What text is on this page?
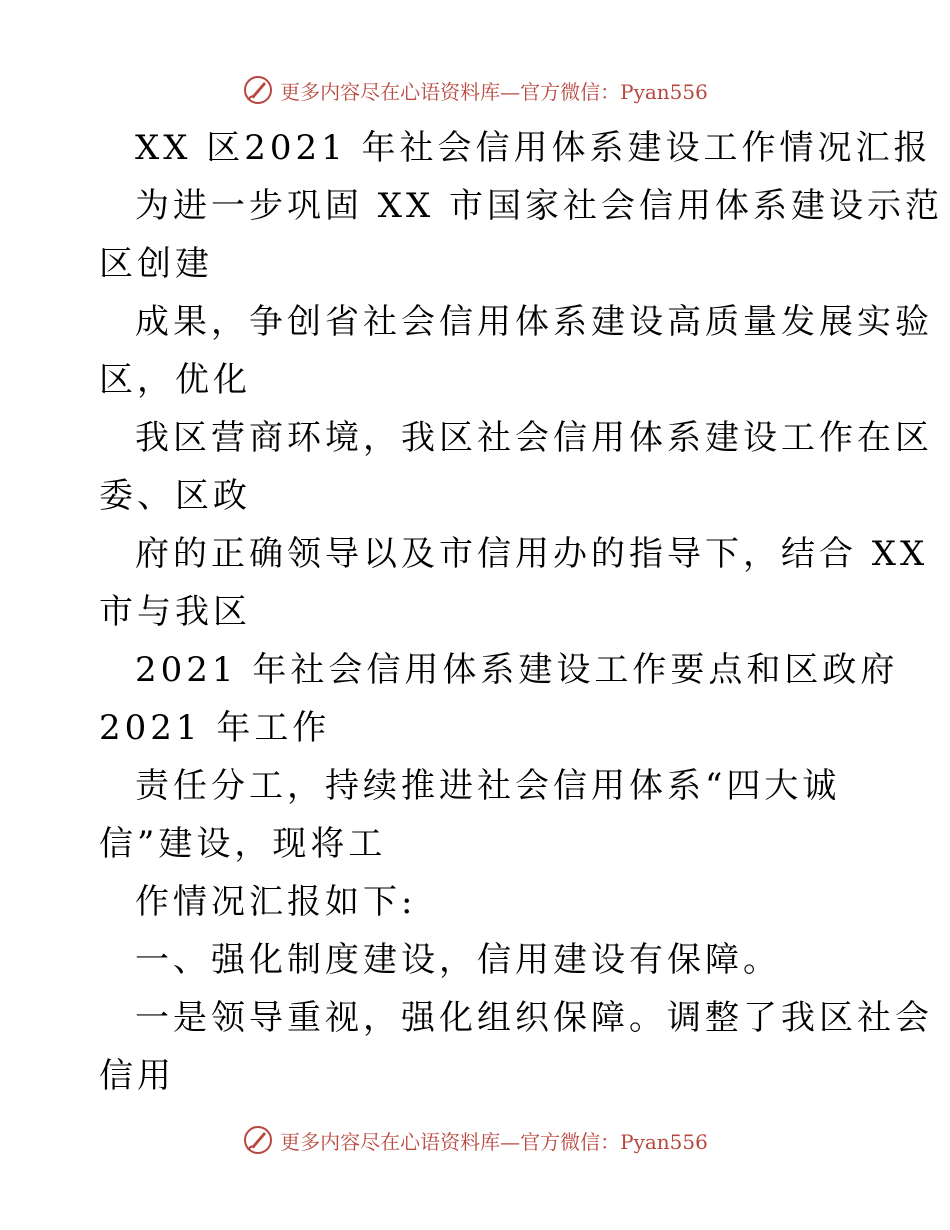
更多内容尽在心语资料库—官方微信：Pyan556
XX 区2021 年社会信用体系建设工作情况汇报
为进一步巩固 XX 市国家社会信用体系建设示范
区创建
成果，争创省社会信用体系建设高质量发展实验
区，优化
我区营商环境，我区社会信用体系建设工作在区
委、区政
府的正确领导以及市信用办的指导下，结合 XX
市与我区
2021 年社会信用体系建设工作要点和区政府
2021 年工作
责任分工，持续推进社会信用体系“四大诚
信”建设，现将工
作情况汇报如下:
一、强化制度建设，信用建设有保障。
一是领导重视，强化组织保障。调整了我区社会
信用
更多内容尽在心语资料库—官方微信：Pyan556
